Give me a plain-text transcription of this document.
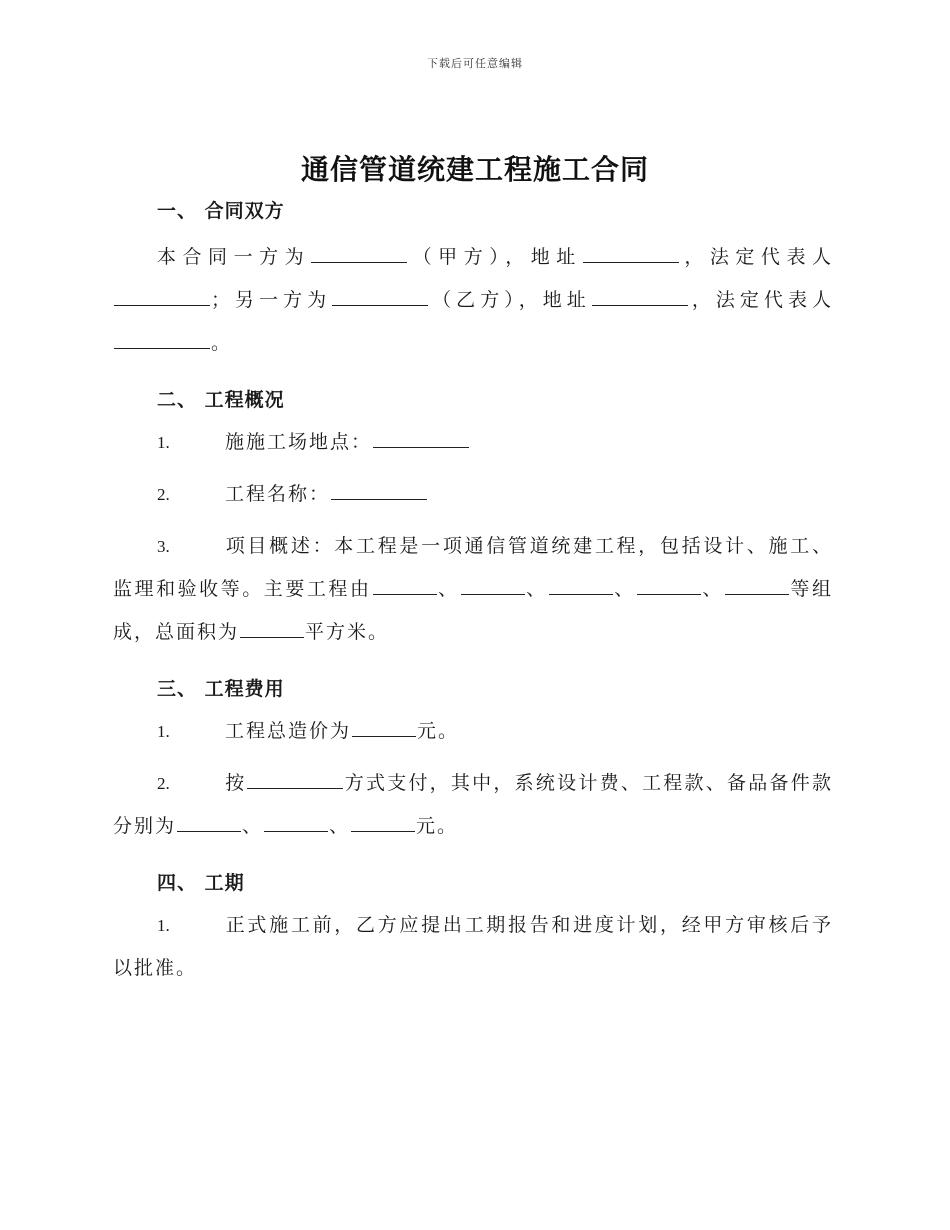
下载后可任意编辑
通信管道统建工程施工合同

一、 合同双方

本合同一方为	（甲方），地址	，法定代表人；另一方为	（乙方），地址	，法定代表人。

二、 工程概况

1.	施施工场地点：

2.	工程名称：

3.	项目概述：本工程是一项通信管道统建工程，包括设计、施工、监理和验收等。主要工程由	、	、	、	、	等组成，总面积为	平方米。

三、 工程费用

1.	工程总造价为	元。

2.	按	方式支付，其中，系统设计费、工程款、备品备件款分别为	、	、	元。

四、 工期

1.	正式施工前，乙方应提出工期报告和进度计划，经甲方审核后予以批准。
